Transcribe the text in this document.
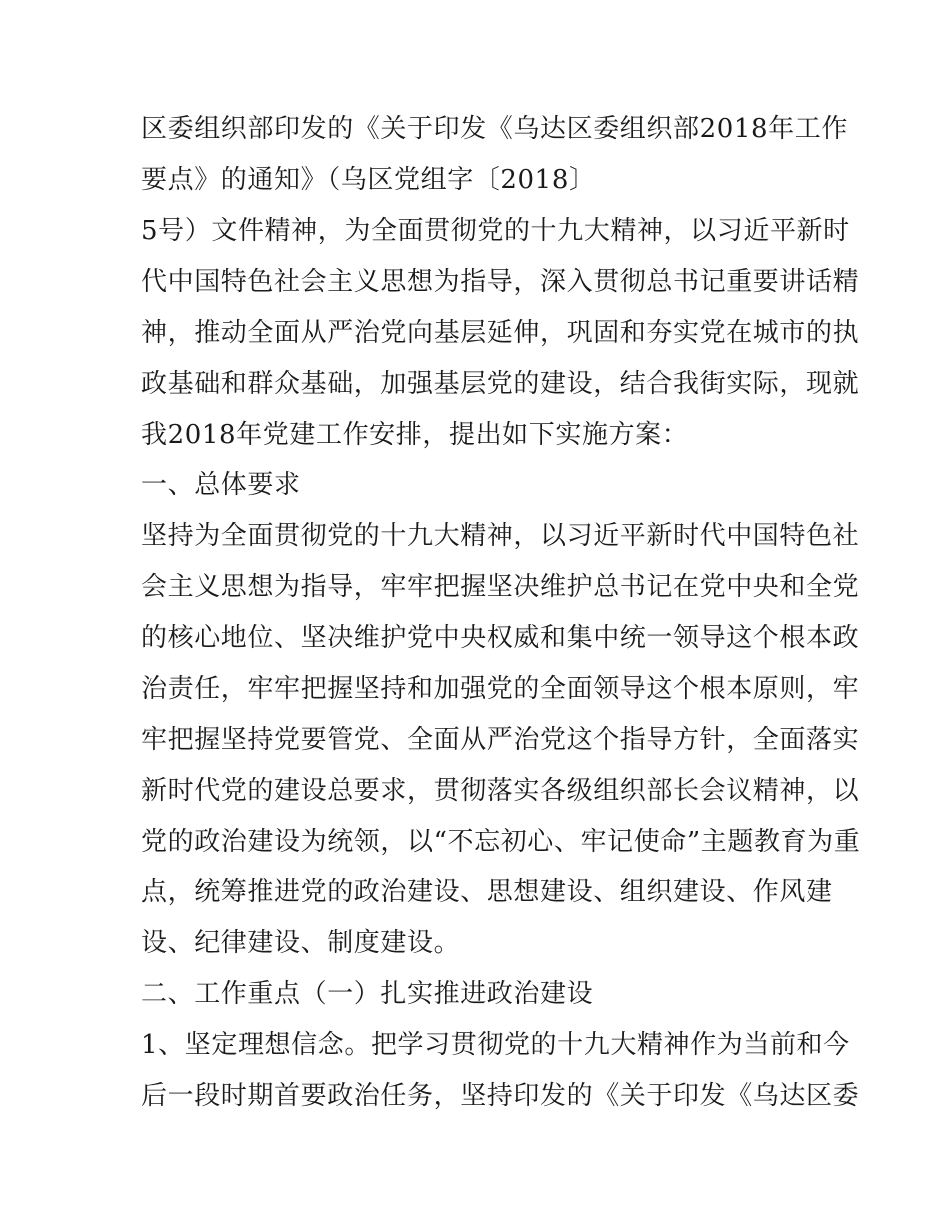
区委组织部印发的《关于印发《乌达区委组织部2018年工作
要点》的通知》（乌区党组字〔2018〕
5号）文件精神，为全面贯彻党的十九大精神，以习近平新时
代中国特色社会主义思想为指导，深入贯彻总书记重要讲话精
神，推动全面从严治党向基层延伸，巩固和夯实党在城市的执
政基础和群众基础，加强基层党的建设，结合我街实际，现就
我2018年党建工作安排，提出如下实施方案：
一、总体要求
坚持为全面贯彻党的十九大精神，以习近平新时代中国特色社
会主义思想为指导，牢牢把握坚决维护总书记在党中央和全党
的核心地位、坚决维护党中央权威和集中统一领导这个根本政
治责任，牢牢把握坚持和加强党的全面领导这个根本原则，牢
牢把握坚持党要管党、全面从严治党这个指导方针，全面落实
新时代党的建设总要求，贯彻落实各级组织部长会议精神，以
党的政治建设为统领，以“不忘初心、牢记使命”主题教育为重
点，统筹推进党的政治建设、思想建设、组织建设、作风建
设、纪律建设、制度建设。
二、工作重点（一）扎实推进政治建设
1、坚定理想信念。把学习贯彻党的十九大精神作为当前和今
后一段时期首要政治任务，坚持印发的《关于印发《乌达区委
